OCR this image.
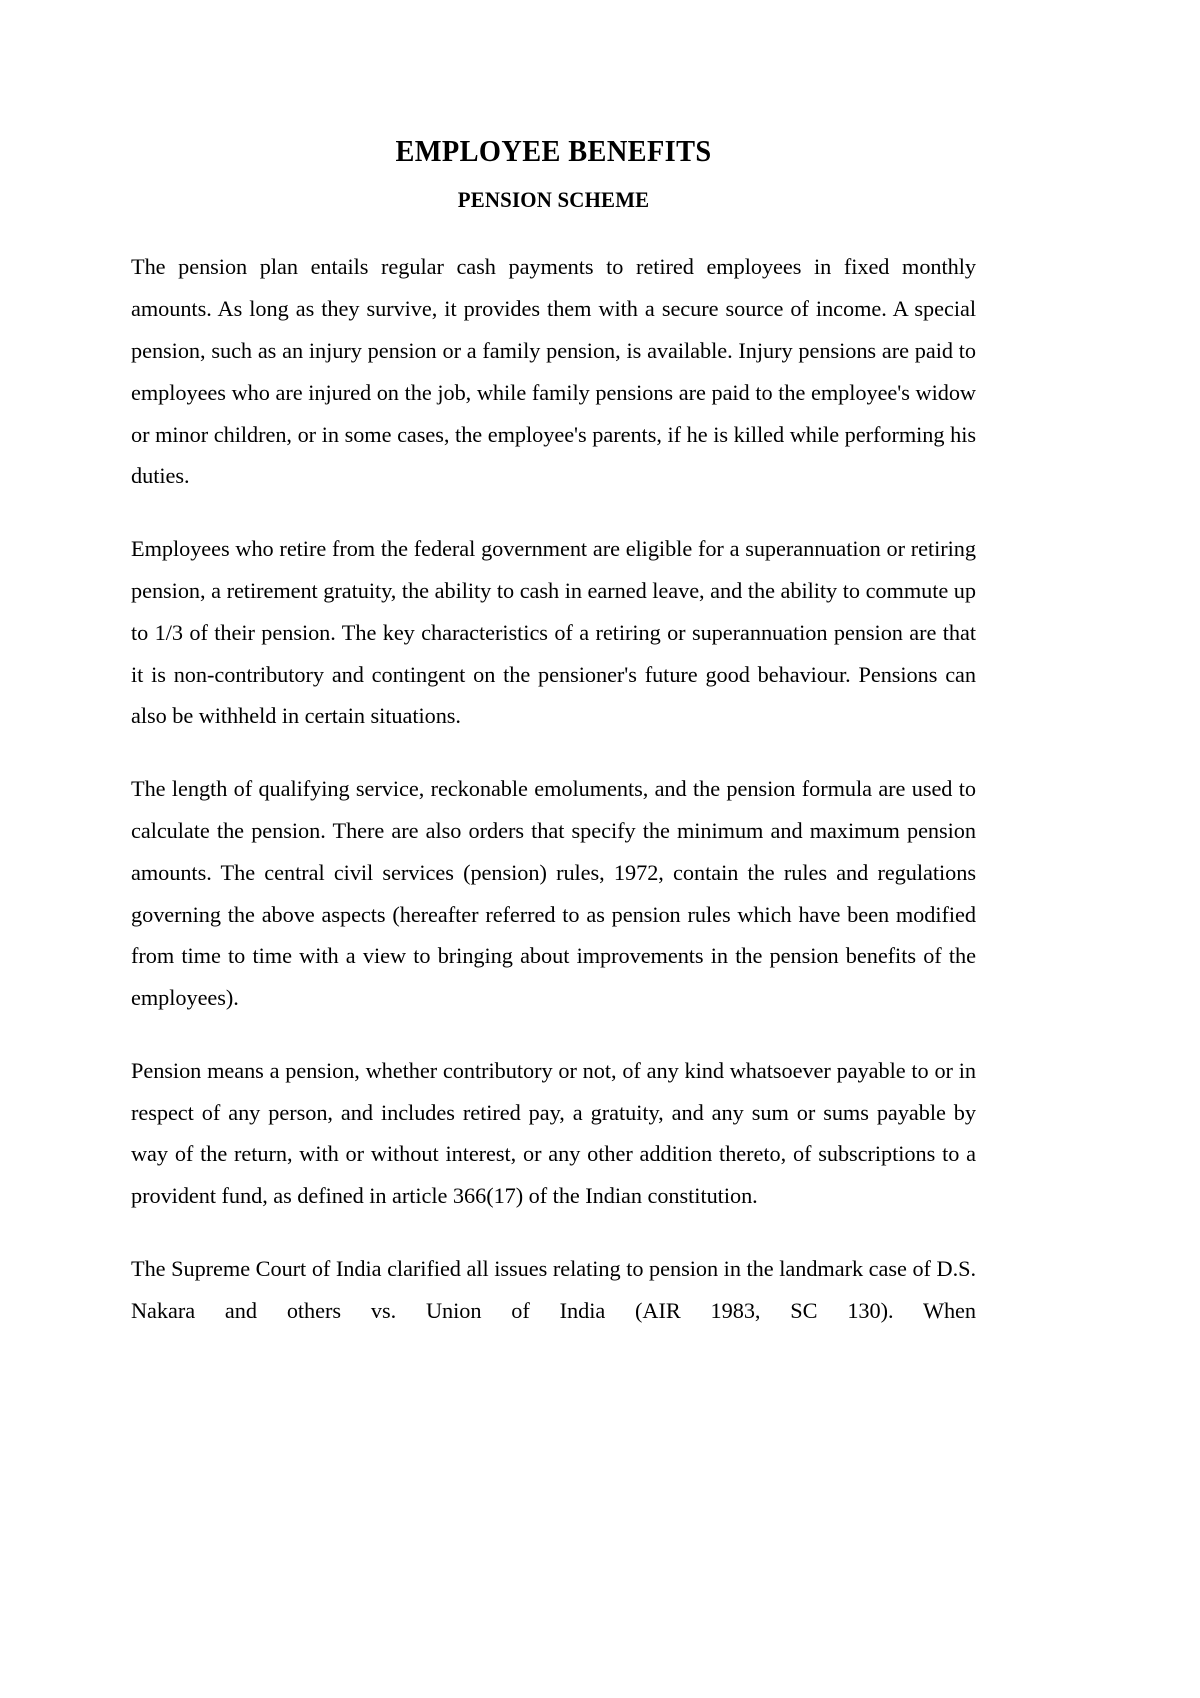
EMPLOYEE BENEFITS
PENSION SCHEME

The pension plan entails regular cash payments to retired employees in fixed monthly amounts. As long as they survive, it provides them with a secure source of income. A special pension, such as an injury pension or a family pension, is available. Injury pensions are paid to employees who are injured on the job, while family pensions are paid to the employee's widow or minor children, or in some cases, the employee's parents, if he is killed while performing his duties.

Employees who retire from the federal government are eligible for a superannuation or retiring pension, a retirement gratuity, the ability to cash in earned leave, and the ability to commute up to 1/3 of their pension. The key characteristics of a retiring or superannuation pension are that it is non-contributory and contingent on the pensioner's future good behaviour. Pensions can also be withheld in certain situations.

The length of qualifying service, reckonable emoluments, and the pension formula are used to calculate the pension. There are also orders that specify the minimum and maximum pension amounts. The central civil services (pension) rules, 1972, contain the rules and regulations governing the above aspects (hereafter referred to as pension rules which have been modified from time to time with a view to bringing about improvements in the pension benefits of the employees).

Pension means a pension, whether contributory or not, of any kind whatsoever payable to or in respect of any person, and includes retired pay, a gratuity, and any sum or sums payable by way of the return, with or without interest, or any other addition thereto, of subscriptions to a provident fund, as defined in article 366(17) of the Indian constitution.

The Supreme Court of India clarified all issues relating to pension in the landmark case of D.S. Nakara and others vs. Union of India (AIR 1983, SC 130). When
